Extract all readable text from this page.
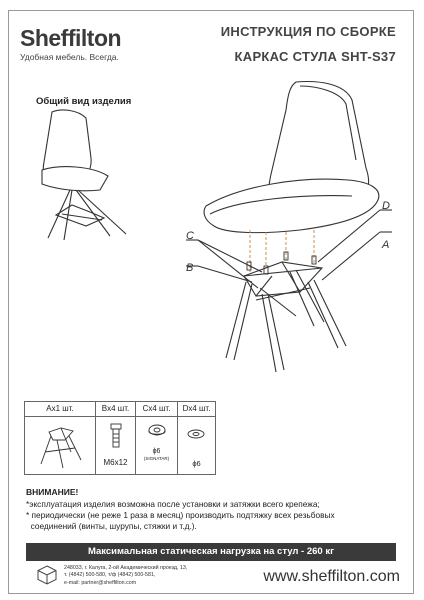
Sheffilton
Удобная мебель. Всегда.
ИНСТРУКЦИЯ ПО СБОРКЕ
КАРКАС СТУЛА SHT-S37
Общий вид изделия
C
B
D
A
Ax1 шт.	Bx4 шт.
M6x12
Cx4 шт.
ϕ6
(SIGNATAR)
Dx4 шт.
ϕ6
ВНИМАНИЕ!
*эксплуатация изделия возможна после установки и затяжки всего крепежа;
* периодически (не реже 1 раза в месяц) производить подтяжку всех резьбовых
соединений (винты, шурупы, стяжки и т.д.).
Максимальная статическая нагрузка на стул - 260 кг
248033, г. Калуга, 2-ой Академический проезд, 13,
т. (4842) 500-580, т/ф (4842) 500-581,
e-mail: partner@sheffilton.com	www.sheffilton.com
